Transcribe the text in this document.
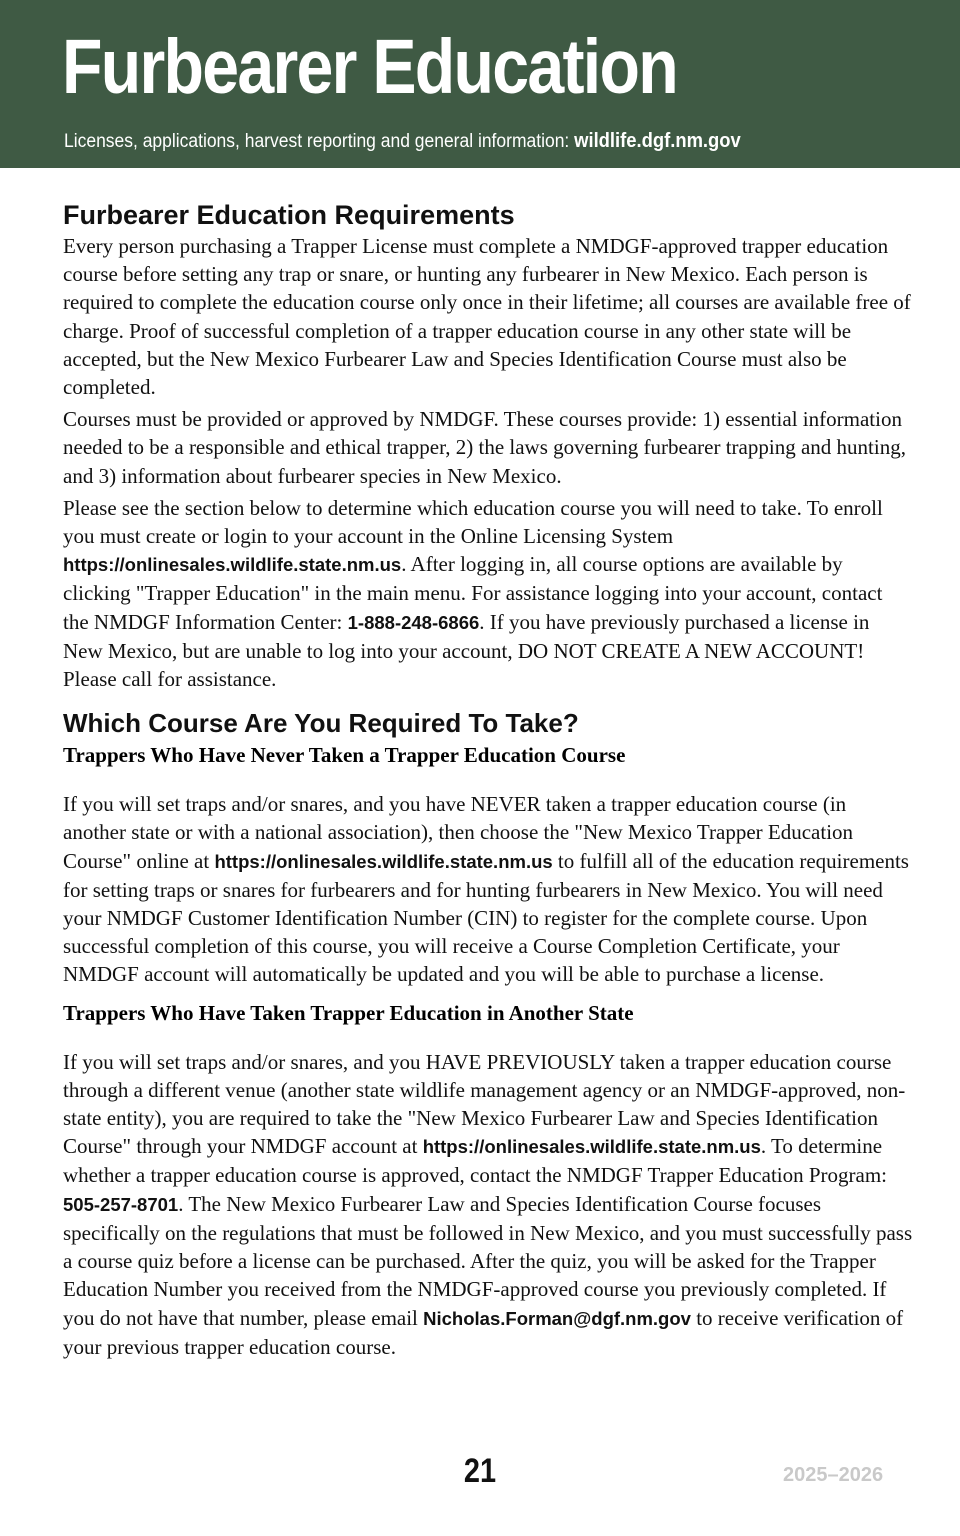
Furbearer Education
Licenses, applications, harvest reporting and general information: wildlife.dgf.nm.gov
Furbearer Education Requirements

Every person purchasing a Trapper License must complete a NMDGF-approved trapper education course before setting any trap or snare, or hunting any furbearer in New Mexico. Each person is required to complete the education course only once in their lifetime; all courses are available free of charge. Proof of successful completion of a trapper education course in any other state will be accepted, but the New Mexico Furbearer Law and Species Identification Course must also be completed.

Courses must be provided or approved by NMDGF. These courses provide: 1) essential information needed to be a responsible and ethical trapper, 2) the laws governing furbearer trapping and hunting, and 3) information about furbearer species in New Mexico.

Please see the section below to determine which education course you will need to take. To enroll you must create or login to your account in the Online Licensing System https://onlinesales.wildlife.state.nm.us. After logging in, all course options are available by clicking "Trapper Education" in the main menu. For assistance logging into your account, contact the NMDGF Information Center: 1-888-248-6866. If you have previously purchased a license in New Mexico, but are unable to log into your account, DO NOT CREATE A NEW ACCOUNT! Please call for assistance.

Which Course Are You Required To Take?
Trappers Who Have Never Taken a Trapper Education Course

If you will set traps and/or snares, and you have NEVER taken a trapper education course (in another state or with a national association), then choose the "New Mexico Trapper Education Course" online at https://onlinesales.wildlife.state.nm.us to fulfill all of the education requirements for setting traps or snares for furbearers and for hunting furbearers in New Mexico. You will need your NMDGF Customer Identification Number (CIN) to register for the complete course. Upon successful completion of this course, you will receive a Course Completion Certificate, your NMDGF account will automatically be updated and you will be able to purchase a license.

Trappers Who Have Taken Trapper Education in Another State

If you will set traps and/or snares, and you HAVE PREVIOUSLY taken a trapper education course through a different venue (another state wildlife management agency or an NMDGF-approved, non-state entity), you are required to take the "New Mexico Furbearer Law and Species Identification Course" through your NMDGF account at https://onlinesales.wildlife.state.nm.us. To determine whether a trapper education course is approved, contact the NMDGF Trapper Education Program: 505-257-8701. The New Mexico Furbearer Law and Species Identification Course focuses specifically on the regulations that must be followed in New Mexico, and you must successfully pass a course quiz before a license can be purchased. After the quiz, you will be asked for the Trapper Education Number you received from the NMDGF-approved course you previously completed. If you do not have that number, please email Nicholas.Forman@dgf.nm.gov to receive verification of your previous trapper education course.

21	2025–2026
